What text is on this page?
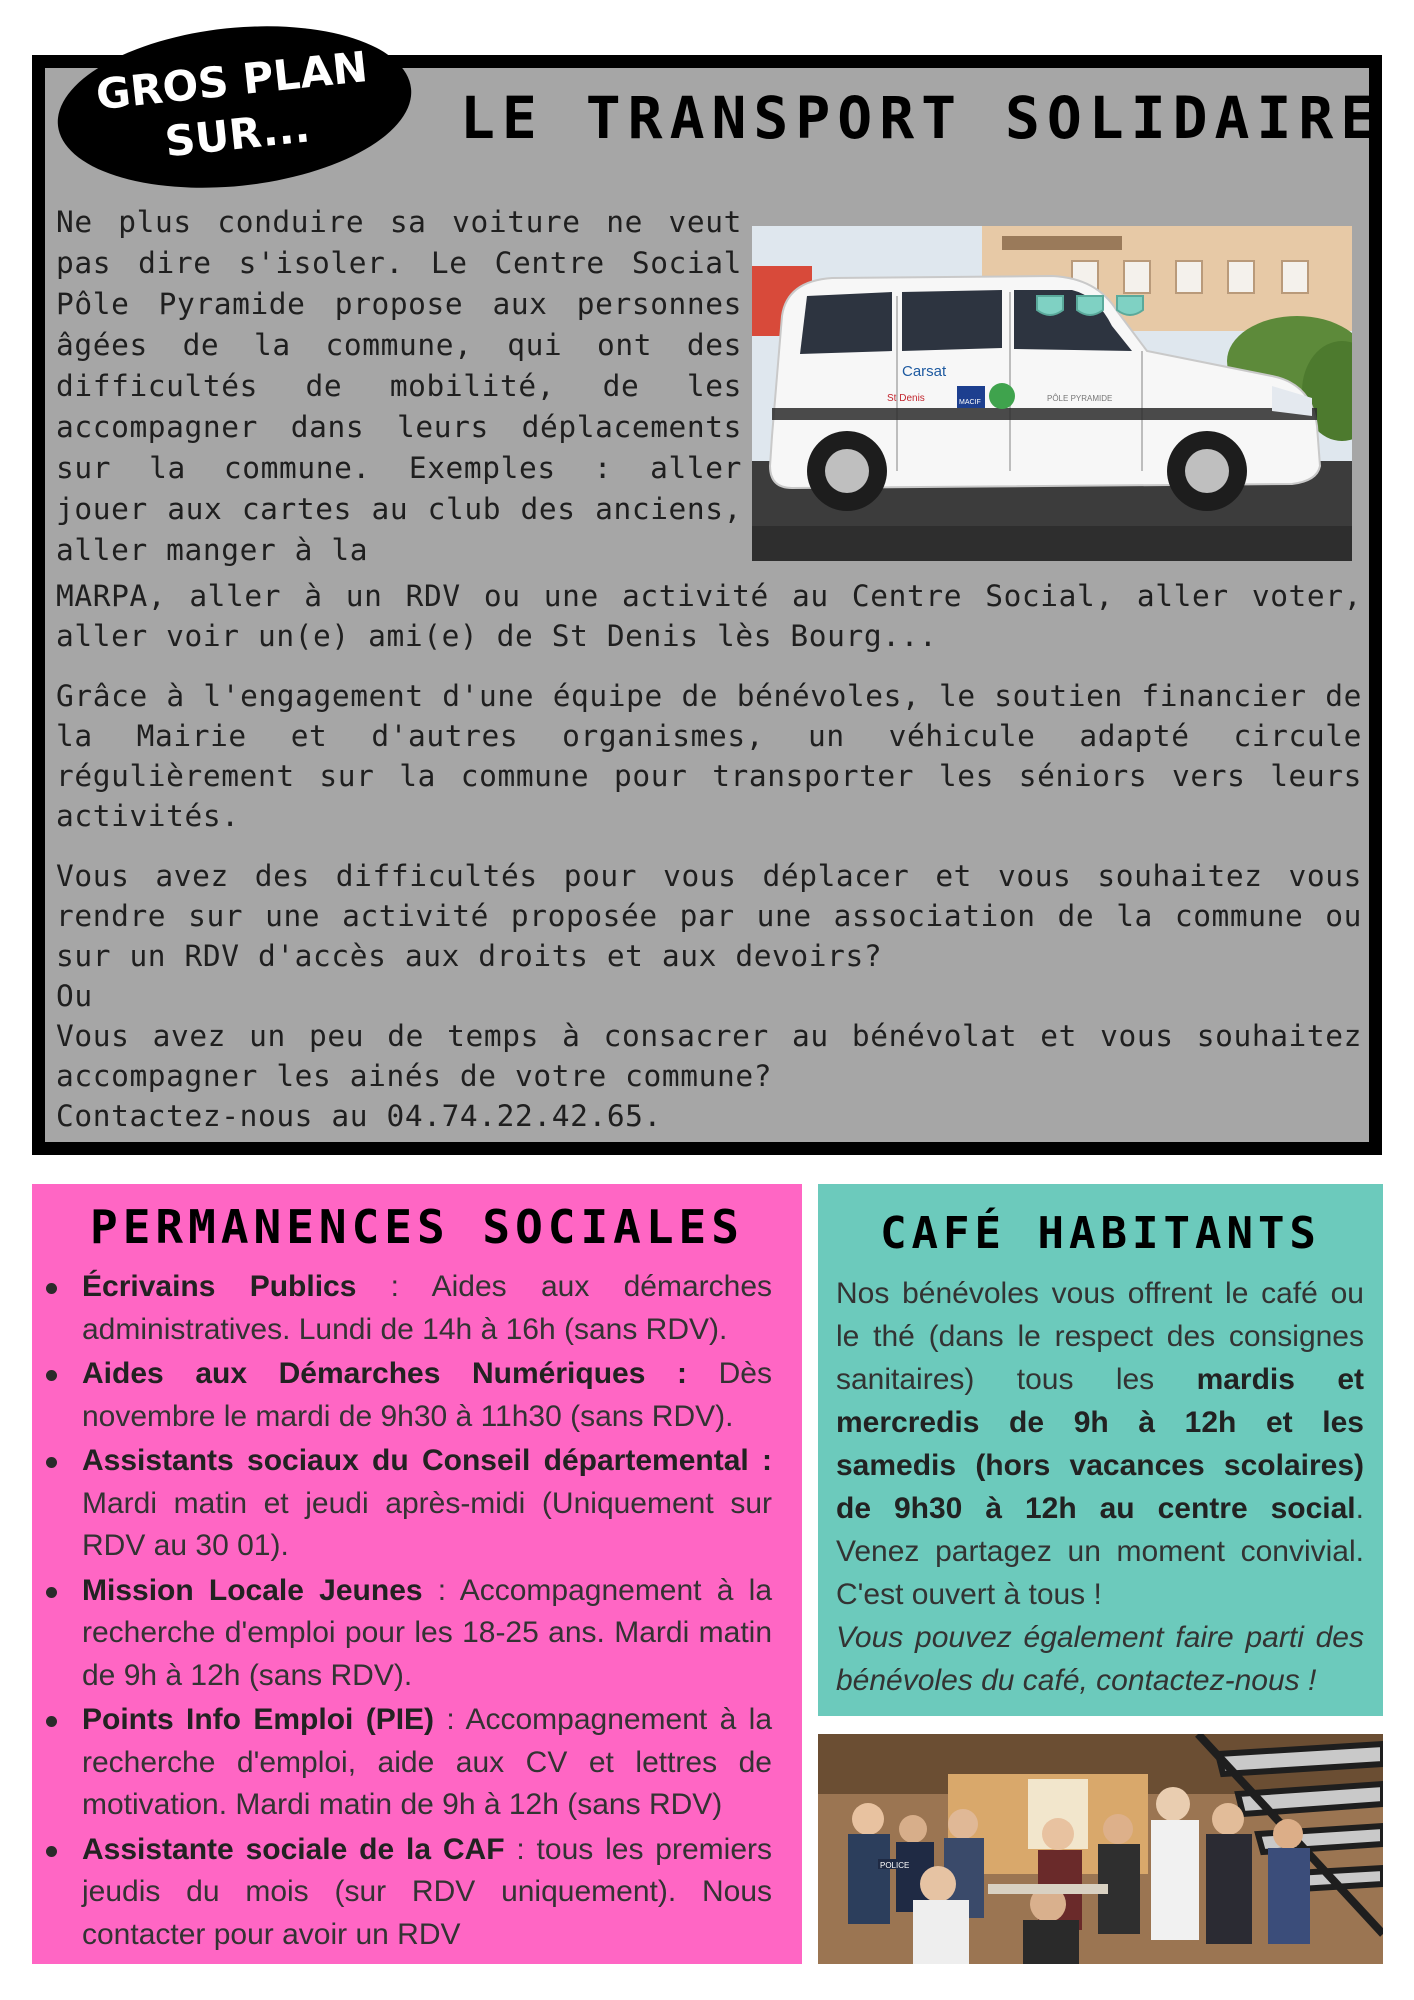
GROS PLAN
SUR...	LE TRANSPORT SOLIDAIRE

Ne plus conduire sa voiture ne veut pas dire s'isoler. Le Centre Social Pôle Pyramide propose aux personnes âgées de la commune, qui ont des difficultés de mobilité, de les accompagner dans leurs déplacements sur la commune. Exemples : aller jouer aux cartes au club des anciens, aller manger à la

Carsat
St Denis	MACIF	PÔLE PYRAMIDE

MARPA, aller à un RDV ou une activité au Centre Social, aller voter, aller voir un(e) ami(e) de St Denis lès Bourg...

Grâce à l'engagement d'une équipe de bénévoles, le soutien financier de la Mairie et d'autres organismes, un véhicule adapté circule régulièrement sur la commune pour transporter les séniors vers leurs activités.

Vous avez des difficultés pour vous déplacer et vous souhaitez vous rendre sur une activité proposée par une association de la commune ou sur un RDV d'accès aux droits et aux devoirs?
Ou
Vous avez un peu de temps à consacrer au bénévolat et vous souhaitez accompagner les ainés de votre commune?
Contactez-nous au 04.74.22.42.65.
PERMANENCES SOCIALES
Écrivains Publics : Aides aux démarches administratives. Lundi de 14h à 16h (sans RDV).
Aides aux Démarches Numériques : Dès novembre le mardi de 9h30 à 11h30 (sans RDV).
Assistants sociaux du Conseil départemental : Mardi matin et jeudi après-midi (Uniquement sur RDV au 30 01).
Mission Locale Jeunes : Accompagnement à la recherche d'emploi pour les 18-25 ans. Mardi matin de 9h à 12h (sans RDV).
Points Info Emploi (PIE) : Accompagnement à la recherche d'emploi, aide aux CV et lettres de motivation. Mardi matin de 9h à 12h (sans RDV)
Assistante sociale de la CAF : tous les premiers jeudis du mois (sur RDV uniquement). Nous contacter pour avoir un RDV
CAFÉ HABITANTS

Nos bénévoles vous offrent le café ou le thé (dans le respect des consignes sanitaires) tous les mardis et mercredis de 9h à 12h et les samedis (hors vacances scolaires) de 9h30 à 12h au centre social. Venez partagez un moment convivial. C'est ouvert à tous !
Vous pouvez également faire parti des bénévoles du café, contactez-nous !

POLICE
